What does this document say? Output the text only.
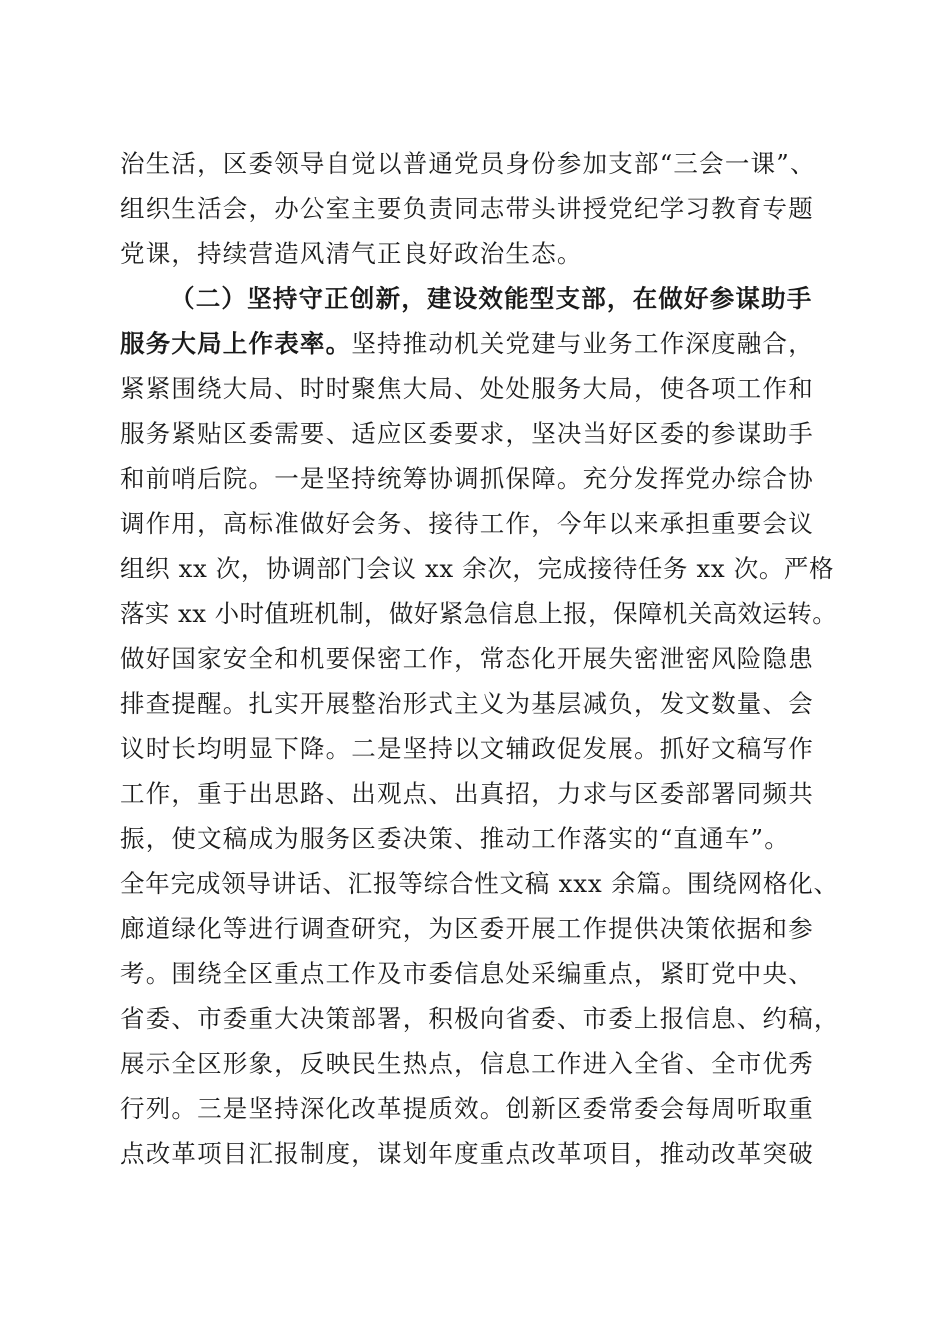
治生活，区委领导自觉以普通党员身份参加支部“三会一课”、
组织生活会，办公室主要负责同志带头讲授党纪学习教育专题
党课，持续营造风清气正良好政治生态。
（二）坚持守正创新，建设效能型支部，在做好参谋助手
服务大局上作表率。坚持推动机关党建与业务工作深度融合，
紧紧围绕大局、时时聚焦大局、处处服务大局，使各项工作和
服务紧贴区委需要、适应区委要求，坚决当好区委的参谋助手
和前哨后院。一是坚持统筹协调抓保障。充分发挥党办综合协
调作用，高标准做好会务、接待工作，今年以来承担重要会议
组织 xx 次，协调部门会议 xx 余次，完成接待任务 xx 次。严格
落实 xx 小时值班机制，做好紧急信息上报，保障机关高效运转。
做好国家安全和机要保密工作，常态化开展失密泄密风险隐患
排查提醒。扎实开展整治形式主义为基层减负，发文数量、会
议时长均明显下降。二是坚持以文辅政促发展。抓好文稿写作
工作，重于出思路、出观点、出真招，力求与区委部署同频共
振，使文稿成为服务区委决策、推动工作落实的“直通车”。
全年完成领导讲话、汇报等综合性文稿 xxx 余篇。围绕网格化、
廊道绿化等进行调查研究，为区委开展工作提供决策依据和参
考。围绕全区重点工作及市委信息处采编重点，紧盯党中央、
省委、市委重大决策部署，积极向省委、市委上报信息、约稿，
展示全区形象，反映民生热点，信息工作进入全省、全市优秀
行列。三是坚持深化改革提质效。创新区委常委会每周听取重
点改革项目汇报制度，谋划年度重点改革项目，推动改革突破
